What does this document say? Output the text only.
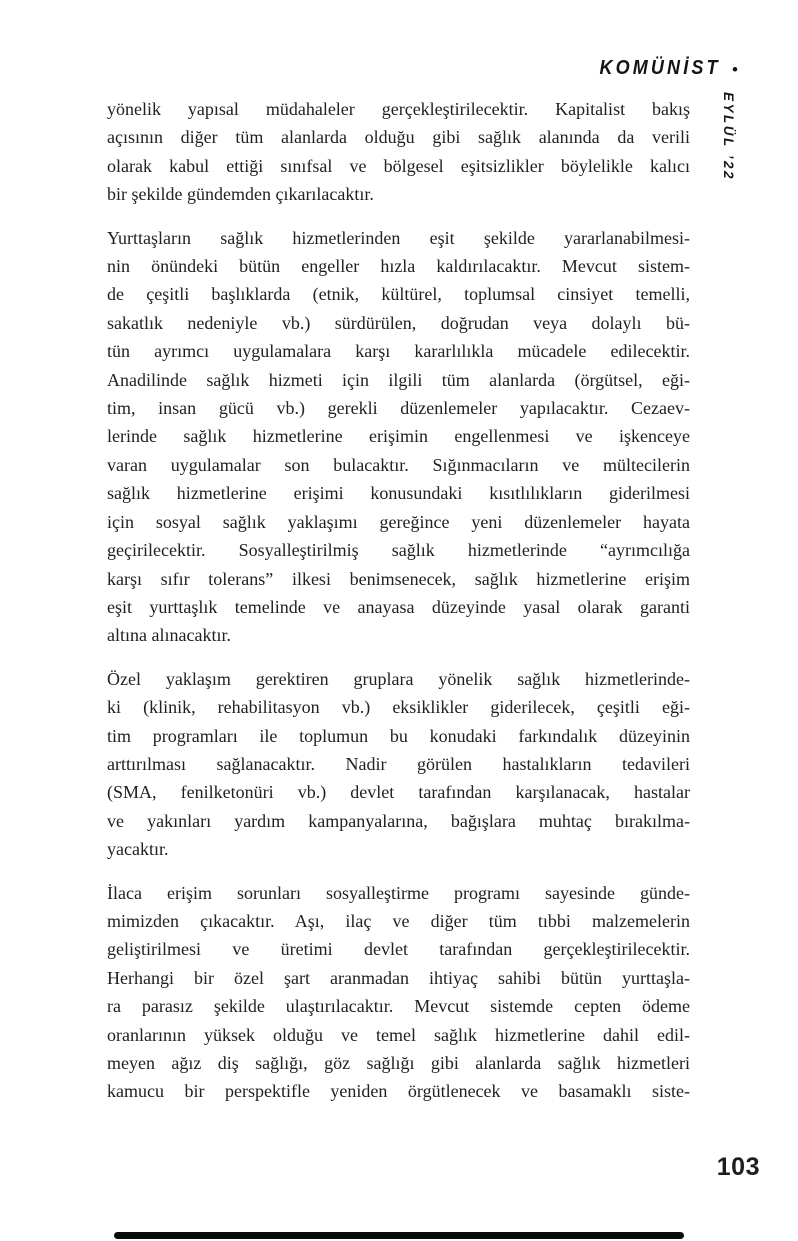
KOMÜNİST •
EYLÜL ’22
yönelik yapısal müdahaleler gerçekleştirilecektir. Kapitalist bakış
açısının diğer tüm alanlarda olduğu gibi sağlık alanında da verili
olarak kabul ettiği sınıfsal ve bölgesel eşitsizlikler böylelikle kalıcı
bir şekilde gündemden çıkarılacaktır.
Yurttaşların sağlık hizmetlerinden eşit şekilde yararlanabilmesi-
nin önündeki bütün engeller hızla kaldırılacaktır. Mevcut sistem-
de çeşitli başlıklarda (etnik, kültürel, toplumsal cinsiyet temelli,
sakatlık nedeniyle vb.) sürdürülen, doğrudan veya dolaylı bü-
tün ayrımcı uygulamalara karşı kararlılıkla mücadele edilecektir.
Anadilinde sağlık hizmeti için ilgili tüm alanlarda (örgütsel, eği-
tim, insan gücü vb.) gerekli düzenlemeler yapılacaktır. Cezaev-
lerinde sağlık hizmetlerine erişimin engellenmesi ve işkenceye
varan uygulamalar son bulacaktır. Sığınmacıların ve mültecilerin
sağlık hizmetlerine erişimi konusundaki kısıtlılıkların giderilmesi
için sosyal sağlık yaklaşımı gereğince yeni düzenlemeler hayata
geçirilecektir. Sosyalleştirilmiş sağlık hizmetlerinde “ayrımcılığa
karşı sıfır tolerans” ilkesi benimsenecek, sağlık hizmetlerine erişim
eşit yurttaşlık temelinde ve anayasa düzeyinde yasal olarak garanti
altına alınacaktır.
Özel yaklaşım gerektiren gruplara yönelik sağlık hizmetlerinde-
ki (klinik, rehabilitasyon vb.) eksiklikler giderilecek, çeşitli eği-
tim programları ile toplumun bu konudaki farkındalık düzeyinin
arttırılması sağlanacaktır. Nadir görülen hastalıkların tedavileri
(SMA, fenilketonüri vb.) devlet tarafından karşılanacak, hastalar
ve yakınları yardım kampanyalarına, bağışlara muhtaç bırakılma-
yacaktır.
İlaca erişim sorunları sosyalleştirme programı sayesinde günde-
mimizden çıkacaktır. Aşı, ilaç ve diğer tüm tıbbi malzemelerin
geliştirilmesi ve üretimi devlet tarafından gerçekleştirilecektir.
Herhangi bir özel şart aranmadan ihtiyaç sahibi bütün yurttaşla-
ra parasız şekilde ulaştırılacaktır. Mevcut sistemde cepten ödeme
oranlarının yüksek olduğu ve temel sağlık hizmetlerine dahil edil-
meyen ağız diş sağlığı, göz sağlığı gibi alanlarda sağlık hizmetleri
kamucu bir perspektifle yeniden örgütlenecek ve basamaklı siste-
103
